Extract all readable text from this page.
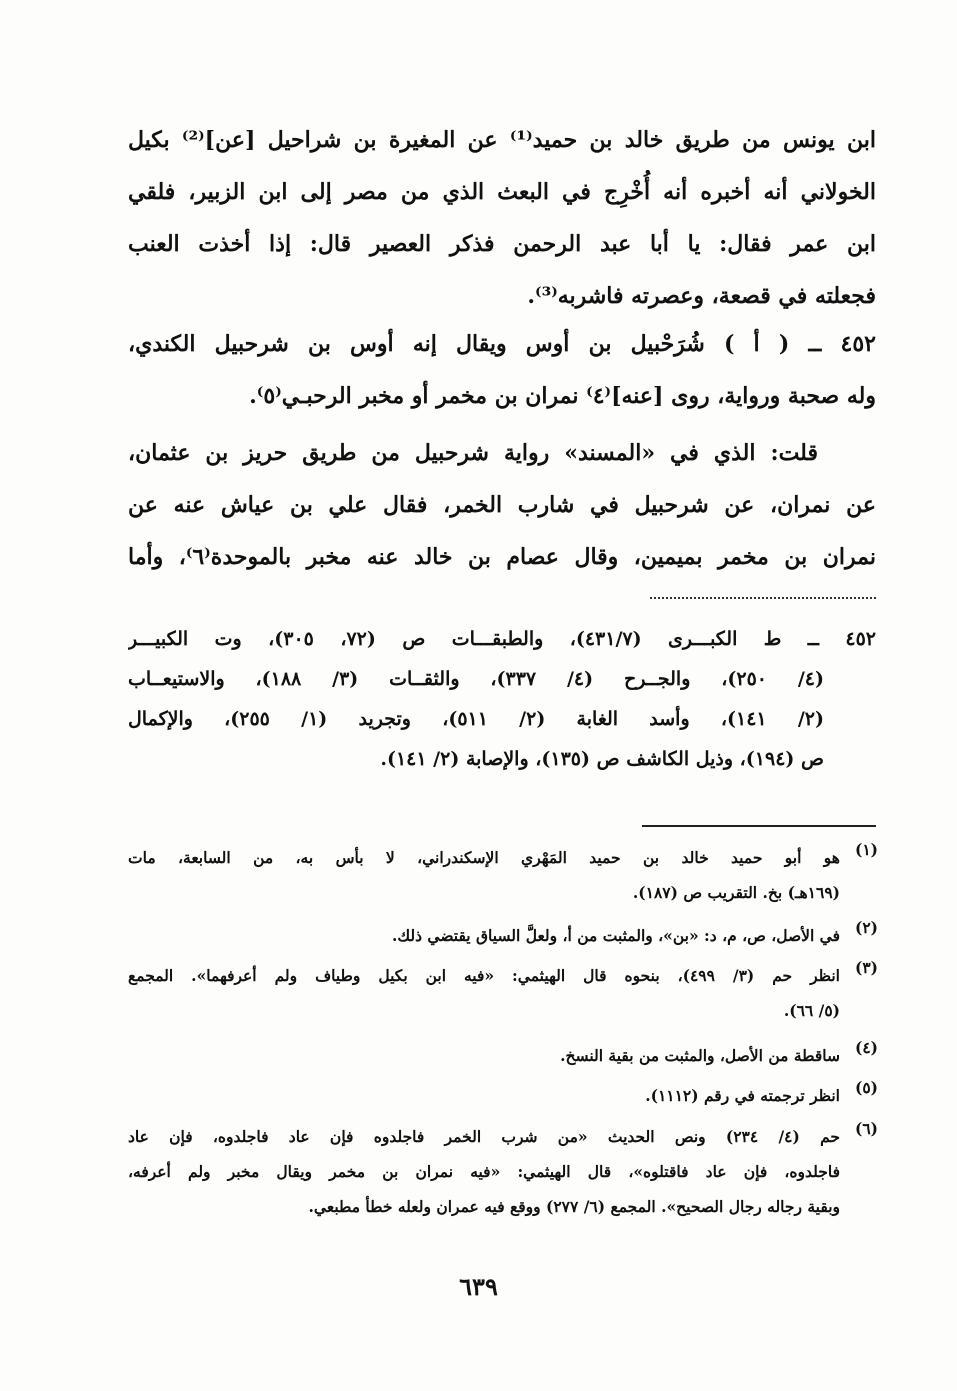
ابن يونس من طريق خالد بن حميد⁽¹⁾ عن المغيرة بن شراحيل [عن]⁽²⁾ بكيل
الخولاني أنه أخبره أنه أُخْرِج في البعث الذي من مصر إلى ابن الزبير، فلقي
ابن عمر فقال: يا أبا عبد الرحمن فذكر العصير قال: إذا أخذت العنب
فجعلته في قصعة، وعصرته فاشربه⁽³⁾.
٤٥٢ ــ ( أ ) شُرَحْبيل بن أوس ويقال إنه أوس بن شرحبيل الكندي،
وله صحبة ورواية، روى [عنه]⁽٤⁾ نمران بن مخمر أو مخبر الرحبـي⁽٥⁾.
قلت: الذي في «المسند» رواية شرحبيل من طريق حريز بن عثمان،
عن نمران، عن شرحبيل في شارب الخمر، فقال علي بن عياش عنه عن
نمران بن مخمر بميمين، وقال عصام بن خالد عنه مخبر بالموحدة⁽٦⁾، وأما
٤٥٢ ــ ط الكبـــرى (٤٣١/٧)، والطبقـــات ص (٧٢، ٣٠٥)، وت الكبيـــر
(٤/ ٢٥٠)، والجــرح (٤/ ٣٣٧)، والثقــات (٣/ ١٨٨)، والاستيعــاب
(٢/ ١٤١)، وأسد الغابة (٢/ ٥١١)، وتجريد (١/ ٢٥٥)، والإكمال
ص (١٩٤)، وذيل الكاشف ص (١٣٥)، والإصابة (٢/ ١٤١).
(١)
هو أبو حميد خالد بن حميد المَهْري الإسكندراني، لا بأس به، من السابعة، مات
(١٦٩هـ) بخ. التقريب ص (١٨٧).
(٢)
في الأصل، ص، م، د: «بن»، والمثبت من أ، ولعلَّ السياق يقتضي ذلك.
(٣)
انظر حم (٣/ ٤٩٩)، بنحوه قال الهيثمي: «فيه ابن بكيل وطياف ولم أعرفهما». المجمع
(٥/ ٦٦).
(٤)
ساقطة من الأصل، والمثبت من بقية النسخ.
(٥)
انظر ترجمته في رقم (١١١٢).
(٦)
حم (٤/ ٢٣٤) ونص الحديث «من شرب الخمر فاجلدوه فإن عاد فاجلدوه، فإن عاد
فاجلدوه، فإن عاد فاقتلوه»، قال الهيثمي: «فيه نمران بن مخمر ويقال مخبر ولم أعرفه،
وبقية رجاله رجال الصحيح». المجمع (٦/ ٢٧٧) ووقع فيه عمران ولعله خطأ مطبعي.
٦٣٩
